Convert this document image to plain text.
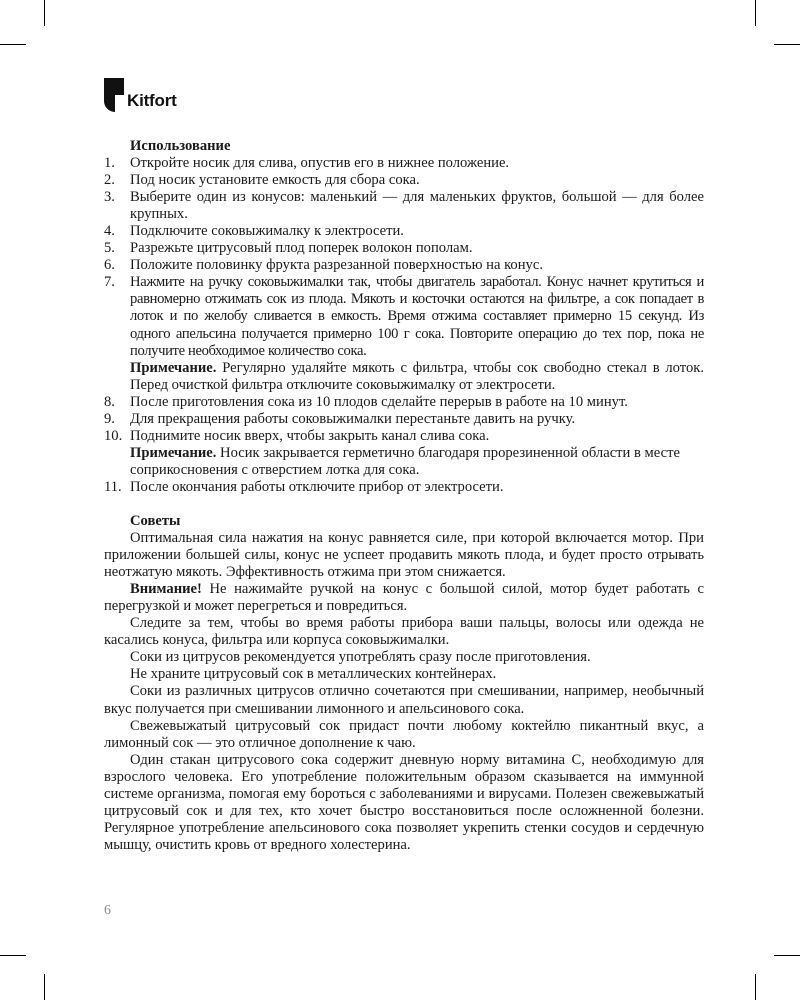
Kitfort
Использование
1.	Откройте носик для слива, опустив его в нижнее положение.
2.	Под носик установите емкость для сбора сока.
3.	Выберите один из конусов: маленький — для маленьких фруктов, большой — для более крупных.
4.	Подключите соковыжималку к электросети.
5.	Разрежьте цитрусовый плод поперек волокон пополам.
6.	Положите половинку фрукта разрезанной поверхностью на конус.
7.	Нажмите на ручку соковыжималки так, чтобы двигатель заработал. Конус начнет крутиться и равномерно отжимать сок из плода. Мякоть и косточки остаются на фильтре, а сок попадает в лоток и по желобу сливается в емкость. Время отжима составляет примерно 15 секунд. Из одного апельсина получается примерно 100 г сока. Повторите операцию до тех пор, пока не получите необходимое количество сока.
Примечание. Регулярно удаляйте мякоть с фильтра, чтобы сок свободно стекал в лоток. Перед очисткой фильтра отключите соковыжималку от электросети.
8.	После приготовления сока из 10 плодов сделайте перерыв в работе на 10 минут.
9.	Для прекращения работы соковыжималки перестаньте давить на ручку.
10. Поднимите носик вверх, чтобы закрыть канал слива сока.
Примечание. Носик закрывается герметично благодаря прорезиненной области в месте соприкосновения с отверстием лотка для сока.
11. После окончания работы отключите прибор от электросети.
Советы
Оптимальная сила нажатия на конус равняется силе, при которой включается мотор. При приложении большей силы, конус не успеет продавить мякоть плода, и будет просто отрывать неотжатую мякоть. Эффективность отжима при этом снижается.
Внимание! Не нажимайте ручкой на конус с большой силой, мотор будет работать с перегрузкой и может перегреться и повредиться.
Следите за тем, чтобы во время работы прибора ваши пальцы, волосы или одежда не касались конуса, фильтра или корпуса соковыжималки.
Соки из цитрусов рекомендуется употреблять сразу после приготовления.
Не храните цитрусовый сок в металлических контейнерах.
Соки из различных цитрусов отлично сочетаются при смешивании, например, необычный вкус получается при смешивании лимонного и апельсинового сока.
Свежевыжатый цитрусовый сок придаст почти любому коктейлю пикантный вкус, а лимонный сок — это отличное дополнение к чаю.
Один стакан цитрусового сока содержит дневную норму витамина С, необходимую для взрослого человека. Его употребление положительным образом сказывается на иммунной системе организма, помогая ему бороться с заболеваниями и вирусами. Полезен свежевыжатый цитрусовый сок и для тех, кто хочет быстро восстановиться после осложненной болезни. Регулярное употребление апельсинового сока позволяет укрепить стенки сосудов и сердечную мышцу, очистить кровь от вредного холестерина.
6
